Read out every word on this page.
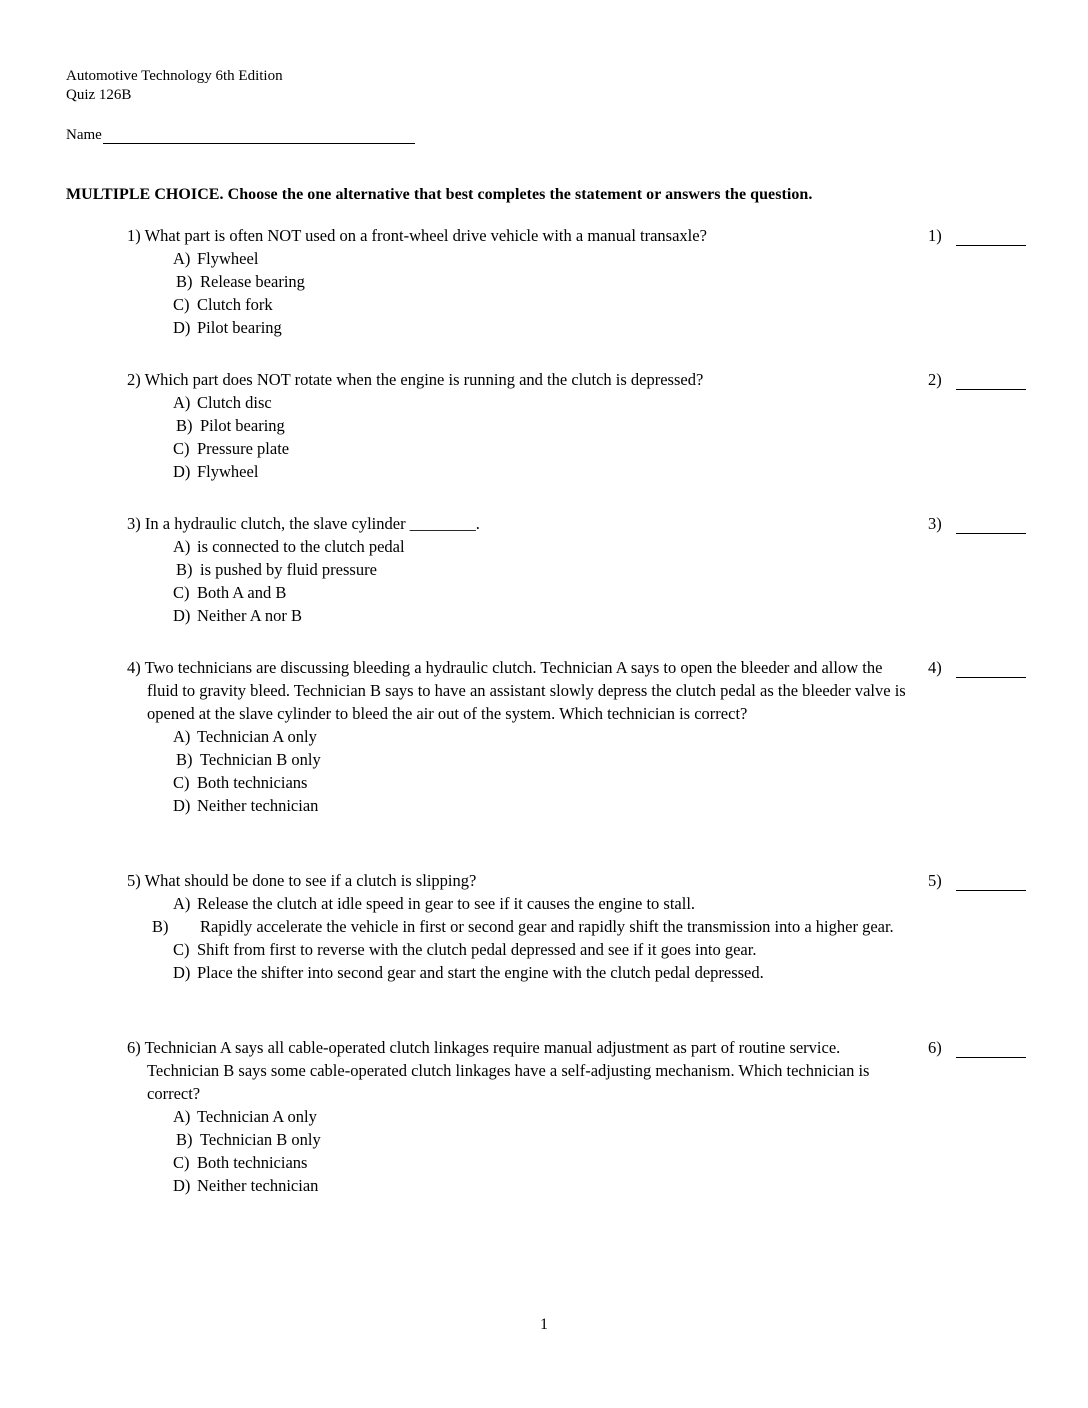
Automotive Technology 6th Edition
Quiz 126B
Name
MULTIPLE CHOICE. Choose the one alternative that best completes the statement or answers the question.

1) What part is often NOT used on a front-wheel drive vehicle with a manual transaxle?

A) Flywheel

B) Release bearing

C) Clutch fork

D) Pilot bearing

1)

2) Which part does NOT rotate when the engine is running and the clutch is depressed?

A) Clutch disc

B) Pilot bearing

C) Pressure plate

D) Flywheel

2)

3) In a hydraulic clutch, the slave cylinder ________.

A) is connected to the clutch pedal

B) is pushed by fluid pressure

C) Both A and B

D) Neither A nor B

3)

4) Two technicians are discussing bleeding a hydraulic clutch. Technician A says to open the bleeder and allow the fluid to gravity bleed. Technician B says to have an assistant slowly depress the clutch pedal as the bleeder valve is opened at the slave cylinder to bleed the air out of the system. Which technician is correct?

A) Technician A only

B) Technician B only

C) Both technicians

D) Neither technician

4)

5) What should be done to see if a clutch is slipping?

A) Release the clutch at idle speed in gear to see if it causes the engine to stall.

B) Rapidly accelerate the vehicle in first or second gear and rapidly shift the transmission into a higher gear.

C) Shift from first to reverse with the clutch pedal depressed and see if it goes into gear.

D) Place the shifter into second gear and start the engine with the clutch pedal depressed.

5)

6) Technician A says all cable-operated clutch linkages require manual adjustment as part of routine service. Technician B says some cable-operated clutch linkages have a self-adjusting mechanism. Which technician is correct?

A) Technician A only

B) Technician B only

C) Both technicians

D) Neither technician

6)
1
